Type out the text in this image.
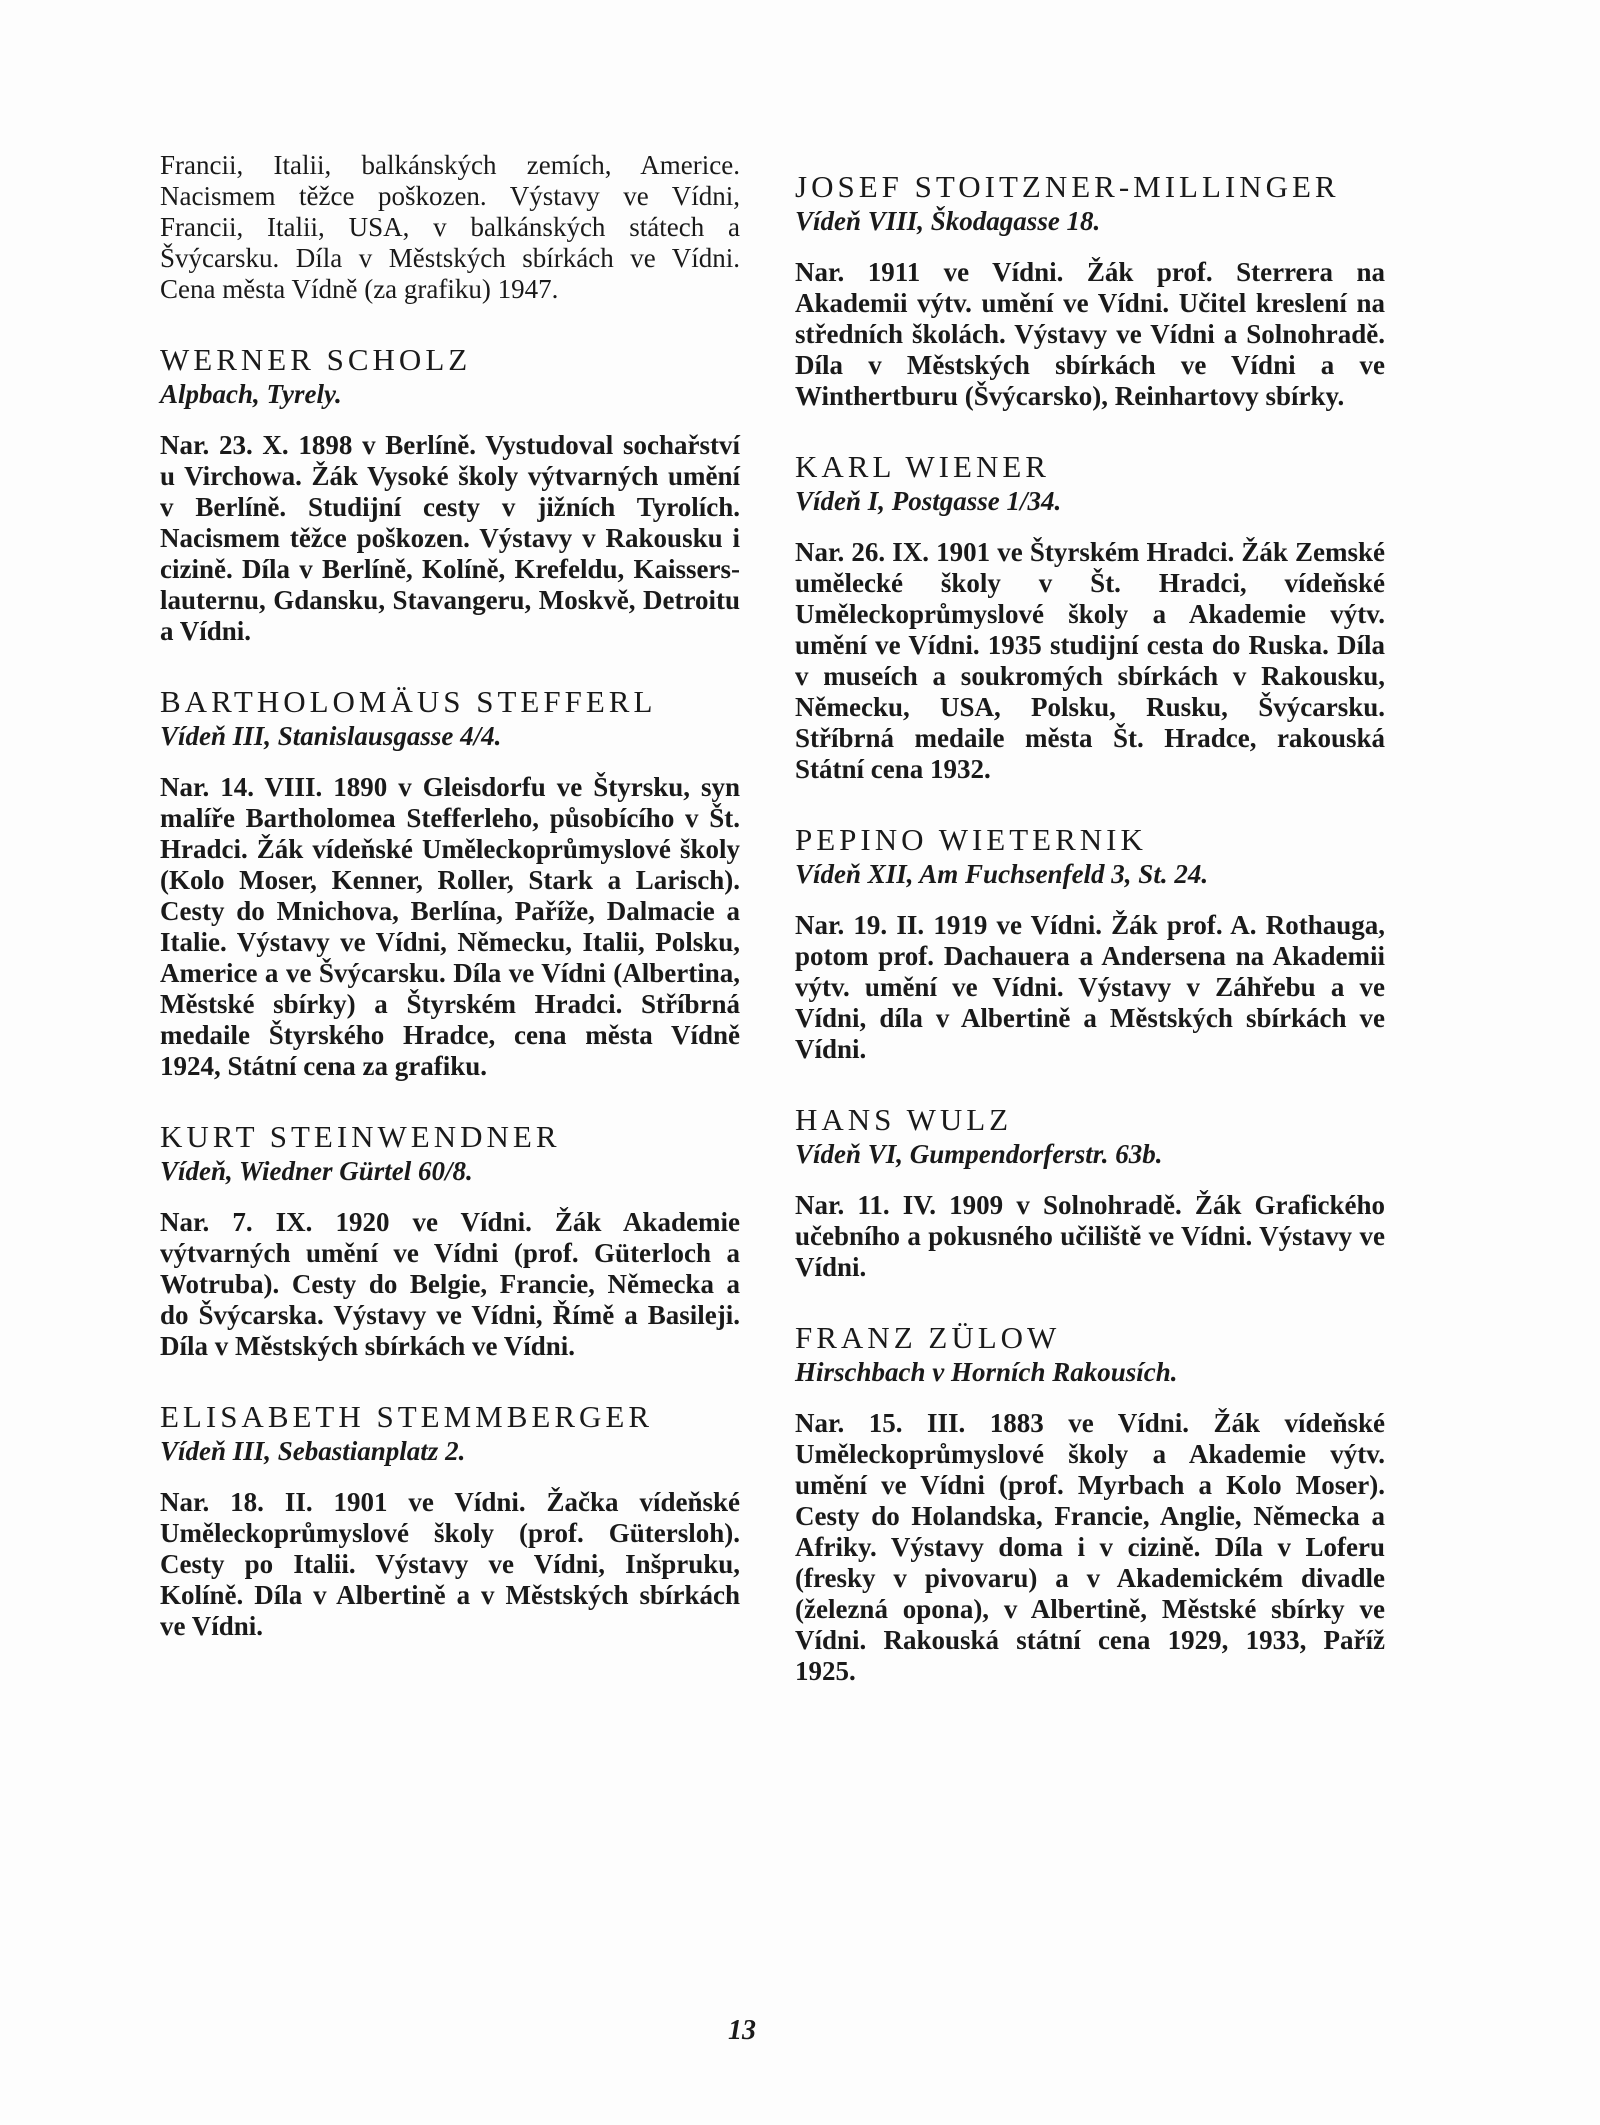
Francii, Italii, balkánských zemích, Americe. Nacismem těžce poškozen. Výstavy ve Vídni, Francii, Italii, USA, v balkánských státech a Švýcarsku. Díla v Městských sbírkách ve Vídni. Cena města Vídně (za grafiku) 1947.
WERNER SCHOLZ
Alpbach, Tyrely.
Nar. 23. X. 1898 v Berlíně. Vystudoval sochařství u Virchowa. Žák Vysoké školy výtvarných umění v Berlíně. Studijní cesty v jižních Tyrolích. Nacismem těžce poškozen. Výstavy v Rakousku i cizině. Díla v Berlíně, Kolíně, Krefeldu, Kaissers-lauternu, Gdansku, Stavangeru, Moskvě, Detroitu a Vídni.
BARTHOLOMÄUS STEFFERL
Vídeň III, Stanislausgasse 4/4.
Nar. 14. VIII. 1890 v Gleisdorfu ve Štyrsku, syn malíře Bartholomea Stefferleho, působícího v Št. Hradci. Žák vídeňské Uměleckoprůmyslové školy (Kolo Moser, Kenner, Roller, Stark a Larisch). Cesty do Mnichova, Berlína, Paříže, Dalmacie a Italie. Výstavy ve Vídni, Německu, Italii, Polsku, Americe a ve Švýcarsku. Díla ve Vídni (Albertina, Městské sbírky) a Štyrském Hradci. Stříbrná medaile Štyrského Hradce, cena města Vídně 1924, Státní cena za grafiku.
KURT STEINWENDNER
Vídeň, Wiedner Gürtel 60/8.
Nar. 7. IX. 1920 ve Vídni. Žák Akademie výtvarných umění ve Vídni (prof. Güterloch a Wotruba). Cesty do Belgie, Francie, Německa a do Švýcarska. Výstavy ve Vídni, Římě a Basileji. Díla v Městských sbírkách ve Vídni.
ELISABETH STEMMBERGER
Vídeň III, Sebastianplatz 2.
Nar. 18. II. 1901 ve Vídni. Žačka vídeňské Uměleckoprůmyslové školy (prof. Gütersloh). Cesty po Italii. Výstavy ve Vídni, Inšpruku, Kolíně. Díla v Albertině a v Městských sbírkách ve Vídni.
JOSEF STOITZNER-MILLINGER
Vídeň VIII, Škodagasse 18.
Nar. 1911 ve Vídni. Žák prof. Sterrera na Akademii výtv. umění ve Vídni. Učitel kreslení na středních školách. Výstavy ve Vídni a Solnohradě. Díla v Městských sbírkách ve Vídni a ve Winthertburu (Švýcarsko), Reinhartovy sbírky.
KARL WIENER
Vídeň I, Postgasse 1/34.
Nar. 26. IX. 1901 ve Štyrském Hradci. Žák Zemské umělecké školy v Št. Hradci, vídeňské Uměleckoprůmyslové školy a Akademie výtv. umění ve Vídni. 1935 studijní cesta do Ruska. Díla v museích a soukromých sbírkách v Rakousku, Německu, USA, Polsku, Rusku, Švýcarsku. Stříbrná medaile města Št. Hradce, rakouská Státní cena 1932.
PEPINO WIETERNIK
Vídeň XII, Am Fuchsenfeld 3, St. 24.
Nar. 19. II. 1919 ve Vídni. Žák prof. A. Rothauga, potom prof. Dachauera a Andersena na Akademii výtv. umění ve Vídni. Výstavy v Záhřebu a ve Vídni, díla v Albertině a Městských sbírkách ve Vídni.
HANS WULZ
Vídeň VI, Gumpendorferstr. 63b.
Nar. 11. IV. 1909 v Solnohradě. Žák Grafického učebního a pokusného učiliště ve Vídni. Výstavy ve Vídni.
FRANZ ZÜLOW
Hirschbach v Horních Rakousích.
Nar. 15. III. 1883 ve Vídni. Žák vídeňské Uměleckoprůmyslové školy a Akademie výtv. umění ve Vídni (prof. Myrbach a Kolo Moser). Cesty do Holandska, Francie, Anglie, Německa a Afriky. Výstavy doma i v cizině. Díla v Loferu (fresky v pivovaru) a v Akademickém divadle (železná opona), v Albertině, Městské sbírky ve Vídni. Rakouská státní cena 1929, 1933, Paříž 1925.
13
